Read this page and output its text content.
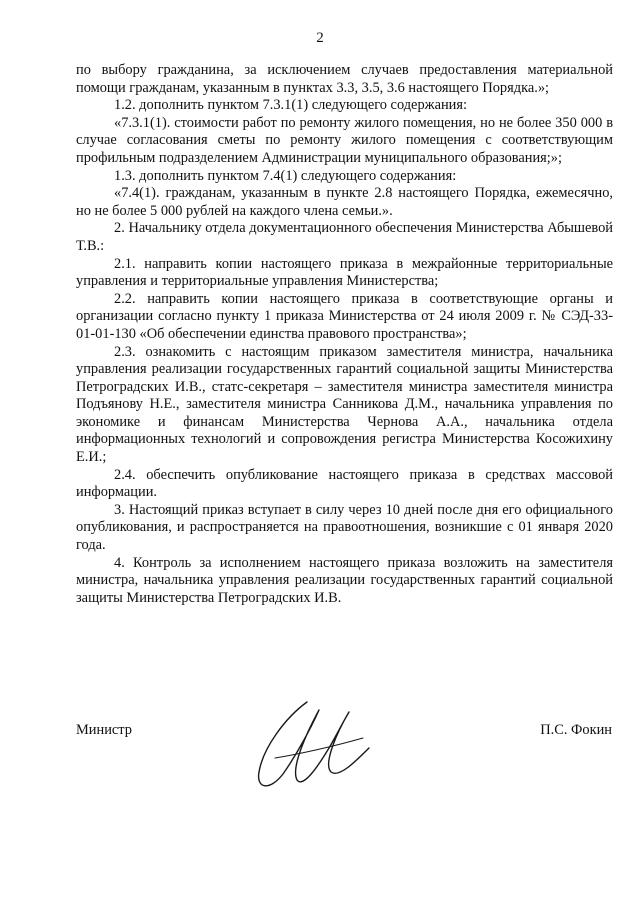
2

по выбору гражданина, за исключением случаев предоставления материальной помощи гражданам, указанным в пунктах 3.3, 3.5, 3.6 настоящего Порядка.»;

1.2. дополнить пунктом 7.3.1(1) следующего содержания:

«7.3.1(1). стоимости работ по ремонту жилого помещения, но не более 350 000 в случае согласования сметы по ремонту жилого помещения с соответствующим профильным подразделением Администрации муниципального образования;»;

1.3. дополнить пунктом 7.4(1) следующего содержания:

«7.4(1). гражданам, указанным в пункте 2.8 настоящего Порядка, ежемесячно, но не более 5 000 рублей на каждого члена семьи.».

2. Начальнику отдела документационного обеспечения Министерства Абышевой Т.В.:

2.1. направить копии настоящего приказа в межрайонные территориальные управления и территориальные управления Министерства;

2.2. направить копии настоящего приказа в соответствующие органы и организации согласно пункту 1 приказа Министерства от 24 июля 2009 г. № СЭД-33-01-01-130 «Об обеспечении единства правового пространства»;

2.3. ознакомить с настоящим приказом заместителя министра, начальника управления реализации государственных гарантий социальной защиты Министерства Петроградских И.В., статс-секретаря – заместителя министра заместителя министра Подъянову Н.Е., заместителя министра Санникова Д.М., начальника управления по экономике и финансам Министерства Чернова А.А., начальника отдела информационных технологий и сопровождения регистра Министерства Косожихину Е.И.;

2.4. обеспечить опубликование настоящего приказа в средствах массовой информации.

3. Настоящий приказ вступает в силу через 10 дней после дня его официального опубликования, и распространяется на правоотношения, возникшие с 01 января 2020 года.

4. Контроль за исполнением настоящего приказа возложить на заместителя министра, начальника управления реализации государственных гарантий социальной защиты Министерства Петроградских И.В.

Министр	П.С. Фокин
